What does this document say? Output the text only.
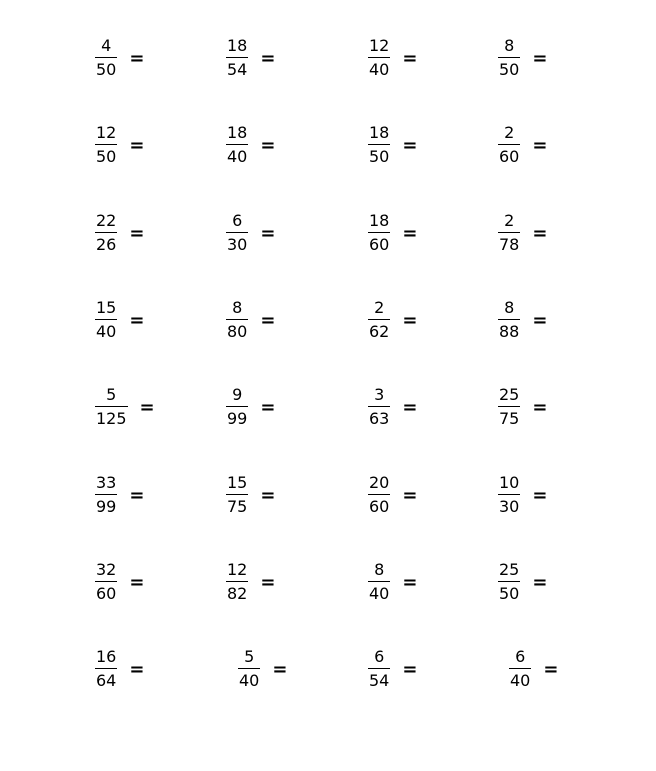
$\frac{4}{50}$ =	$\frac{18}{54}$ =	$\frac{12}{40}$ =	$\frac{8}{50}$ =
$\frac{12}{50}$ =	$\frac{18}{40}$ =	$\frac{18}{50}$ =	$\frac{2}{60}$ =
$\frac{22}{26}$ =	$\frac{6}{30}$ =	$\frac{18}{60}$ =	$\frac{2}{78}$ =
$\frac{15}{40}$ =	$\frac{8}{80}$ =	$\frac{2}{62}$ =	$\frac{8}{88}$ =
$\frac{5}{125}$ =	$\frac{9}{99}$ =	$\frac{3}{63}$ =	$\frac{25}{75}$ =
$\frac{33}{99}$ =	$\frac{15}{75}$ =	$\frac{20}{60}$ =	$\frac{10}{30}$ =
$\frac{32}{60}$ =	$\frac{12}{82}$ =	$\frac{8}{40}$ =	$\frac{25}{50}$ =
$\frac{16}{64}$ =	$\frac{5}{40}$ =	$\frac{6}{54}$ =	$\frac{6}{40}$ =
